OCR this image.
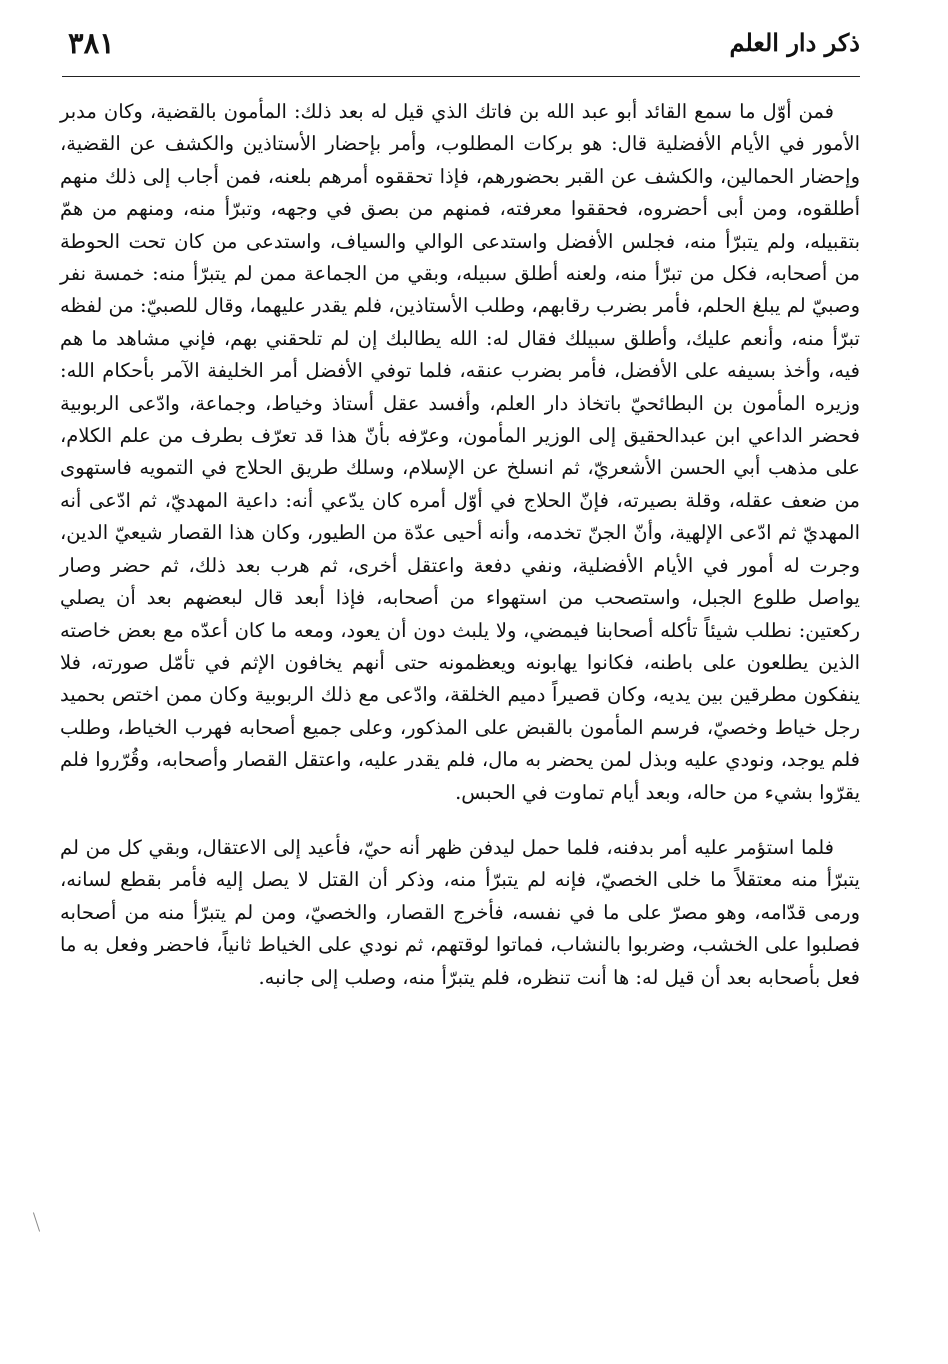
ذكر دار العلم
٣٨١

فمن أوّل ما سمع القائد أبو عبد الله بن فاتك الذي قيل له بعد ذلك: المأمون بالقضية، وكان مدبر الأمور في الأيام الأفضلية قال: هو بركات المطلوب، وأمر بإحضار الأستاذين والكشف عن القضية، وإحضار الحمالين، والكشف عن القبر بحضورهم، فإذا تحققوه أمرهم بلعنه، فمن أجاب إلى ذلك منهم أطلقوه، ومن أبى أحضروه، فحققوا معرفته، فمنهم من بصق في وجهه، وتبرّأ منه، ومنهم من همّ بتقبيله، ولم يتبرّأ منه، فجلس الأفضل واستدعى الوالي والسياف، واستدعى من كان تحت الحوطة من أصحابه، فكل من تبرّأ منه، ولعنه أطلق سبيله، وبقي من الجماعة ممن لم يتبرّأ منه: خمسة نفر وصبيّ لم يبلغ الحلم، فأمر بضرب رقابهم، وطلب الأستاذين، فلم يقدر عليهما، وقال للصبيّ: من لفظه تبرّأ منه، وأنعم عليك، وأطلق سبيلك فقال له: الله يطالبك إن لم تلحقني بهم، فإني مشاهد ما هم فيه، وأخذ بسيفه على الأفضل، فأمر بضرب عنقه، فلما توفي الأفضل أمر الخليفة الآمر بأحكام الله: وزيره المأمون بن البطائحيّ باتخاذ دار العلم، وأفسد عقل أستاذ وخياط، وجماعة، وادّعى الربوبية فحضر الداعي ابن عبدالحقيق إلى الوزير المأمون، وعرّفه بأنّ هذا قد تعرّف بطرف من علم الكلام، على مذهب أبي الحسن الأشعريّ، ثم انسلخ عن الإسلام، وسلك طريق الحلاج في التمويه فاستهوى من ضعف عقله، وقلة بصيرته، فإنّ الحلاج في أوّل أمره كان يدّعي أنه: داعية المهديّ، ثم ادّعى أنه المهديّ ثم ادّعى الإلهية، وأنّ الجنّ تخدمه، وأنه أحيى عدّة من الطيور، وكان هذا القصار شيعيّ الدين، وجرت له أمور في الأيام الأفضلية، ونفي دفعة واعتقل أخرى، ثم هرب بعد ذلك، ثم حضر وصار يواصل طلوع الجبل، واستصحب من استهواء من أصحابه، فإذا أبعد قال لبعضهم بعد أن يصلي ركعتين: نطلب شيئاً تأكله أصحابنا فيمضي، ولا يلبث دون أن يعود، ومعه ما كان أعدّه مع بعض خاصته الذين يطلعون على باطنه، فكانوا يهابونه ويعظمونه حتى أنهم يخافون الإثم في تأمّل صورته، فلا ينفكون مطرقين بين يديه، وكان قصيراً دميم الخلقة، وادّعى مع ذلك الربوبية وكان ممن اختص بحميد رجل خياط وخصيّ، فرسم المأمون بالقبض على المذكور، وعلى جميع أصحابه فهرب الخياط، وطلب فلم يوجد، ونودي عليه وبذل لمن يحضر به مال، فلم يقدر عليه، واعتقل القصار وأصحابه، وقُرّروا فلم يقرّوا بشيء من حاله، وبعد أيام تماوت في الحبس.

فلما استؤمر عليه أمر بدفنه، فلما حمل ليدفن ظهر أنه حيّ، فأعيد إلى الاعتقال، وبقي كل من لم يتبرّأ منه معتقلاً ما خلى الخصيّ، فإنه لم يتبرّأ منه، وذكر أن القتل لا يصل إليه فأمر بقطع لسانه، ورمى قدّامه، وهو مصرّ على ما في نفسه، فأخرج القصار، والخصيّ، ومن لم يتبرّأ منه من أصحابه فصلبوا على الخشب، وضربوا بالنشاب، فماتوا لوقتهم، ثم نودي على الخياط ثانياً، فاحضر وفعل به ما فعل بأصحابه بعد أن قيل له: ها أنت تنظره، فلم يتبرّأ منه، وصلب إلى جانبه.
